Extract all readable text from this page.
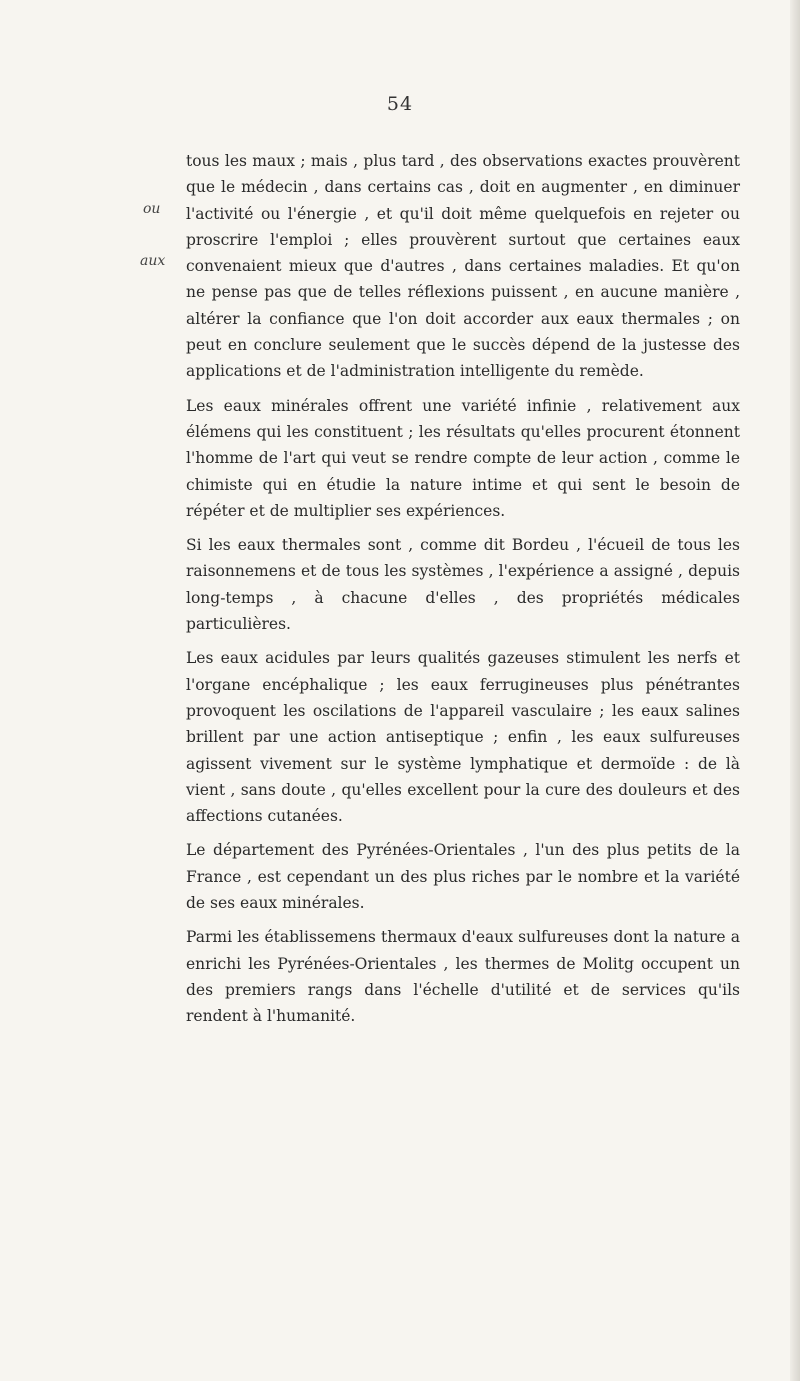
54
ou
aux

tous les maux ; mais , plus tard , des observations exactes prouvèrent que le médecin , dans certains cas , doit en augmenter , en diminuer l'activité ou l'énergie , et qu'il doit même quelquefois en rejeter ou proscrire l'emploi ; elles prouvèrent surtout que certaines eaux convenaient mieux que d'autres , dans certaines maladies. Et qu'on ne pense pas que de telles réflexions puissent , en aucune manière , altérer la confiance que l'on doit accorder aux eaux thermales ; on peut en conclure seulement que le succès dépend de la justesse des applications et de l'administration intelligente du remède.

Les eaux minérales offrent une variété infinie , relativement aux élémens qui les constituent ; les résultats qu'elles procurent étonnent l'homme de l'art qui veut se rendre compte de leur action , comme le chimiste qui en étudie la nature intime et qui sent le besoin de répéter et de multiplier ses expériences.

Si les eaux thermales sont , comme dit Bordeu , l'écueil de tous les raisonnemens et de tous les systèmes , l'expérience a assigné , depuis long-temps , à chacune d'elles , des propriétés médicales particulières.

Les eaux acidules par leurs qualités gazeuses stimulent les nerfs et l'organe encéphalique ; les eaux ferrugineuses plus pénétrantes provoquent les oscilations de l'appareil vasculaire ; les eaux salines brillent par une action antiseptique ; enfin , les eaux sulfureuses agissent vivement sur le système lymphatique et dermoïde : de là vient , sans doute , qu'elles excellent pour la cure des douleurs et des affections cutanées.

Le département des Pyrénées-Orientales , l'un des plus petits de la France , est cependant un des plus riches par le nombre et la variété de ses eaux minérales.

Parmi les établissemens thermaux d'eaux sulfureuses dont la nature a enrichi les Pyrénées-Orientales , les thermes de Molitg occupent un des premiers rangs dans l'échelle d'utilité et de services qu'ils rendent à l'humanité.
